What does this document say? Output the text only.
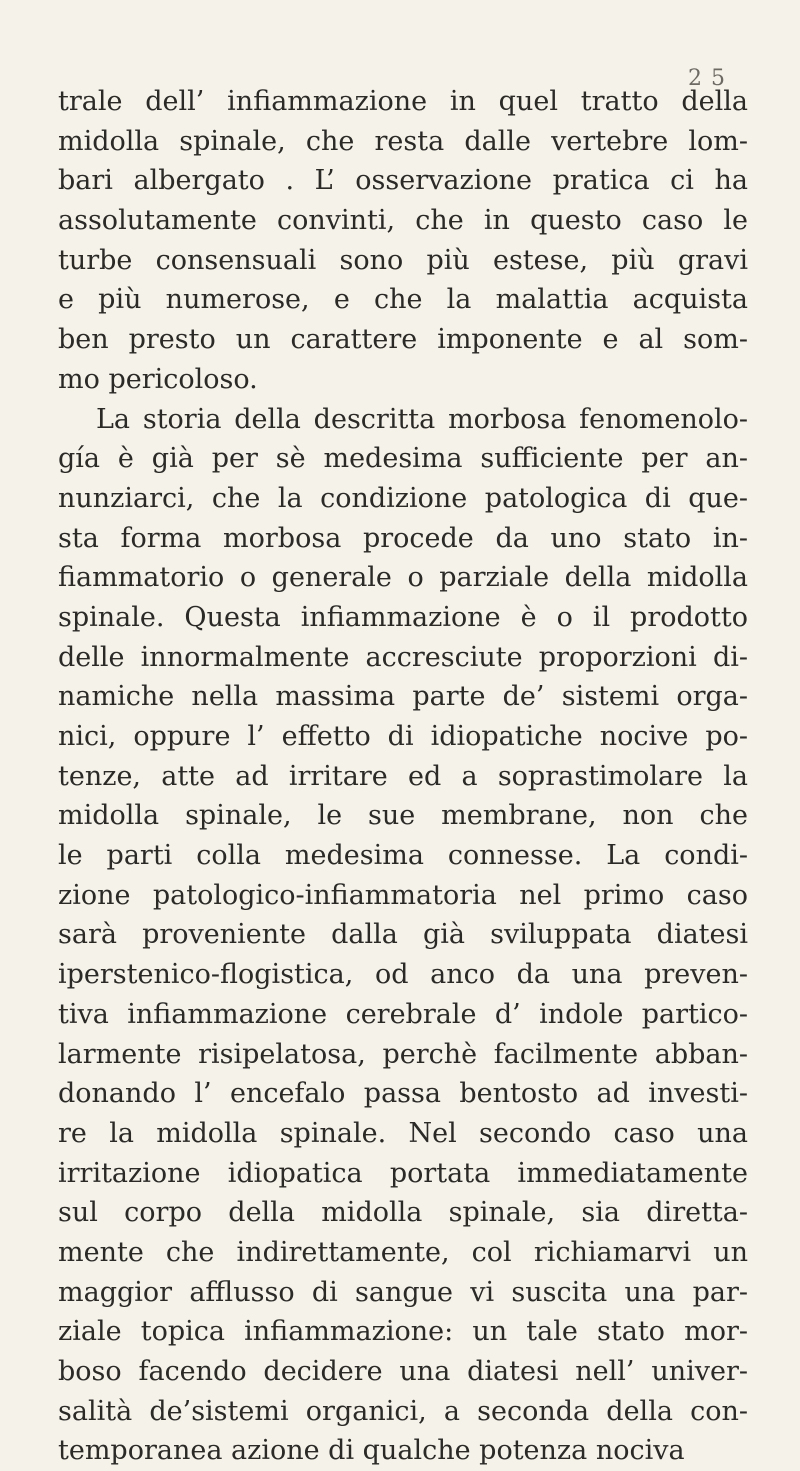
2 5
trale dell’ infiammazione in quel tratto della
midolla spinale, che resta dalle vertebre lom-
bari albergato . L’ osservazione pratica ci ha
assolutamente convinti, che in questo caso le
turbe consensuali sono più estese, più gravi
e più numerose, e che la malattia acquista
ben presto un carattere imponente e al som-
mo pericoloso.
La storia della descritta morbosa fenomenolo-
gía è già per sè medesima sufficiente per an-
nunziarci, che la condizione patologica di que-
sta forma morbosa procede da uno stato in-
fiammatorio o generale o parziale della midolla
spinale. Questa infiammazione è o il prodotto
delle innormalmente accresciute proporzioni di-
namiche nella massima parte de’ sistemi orga-
nici, oppure l’ effetto di idiopatiche nocive po-
tenze, atte ad irritare ed a soprastimolare la
midolla spinale, le sue membrane, non che
le parti colla medesima connesse. La condi-
zione patologico-infiammatoria nel primo caso
sarà proveniente dalla già sviluppata diatesi
iperstenico-flogistica, od anco da una preven-
tiva infiammazione cerebrale d’ indole partico-
larmente risipelatosa, perchè facilmente abban-
donando l’ encefalo passa bentosto ad investi-
re la midolla spinale. Nel secondo caso una
irritazione idiopatica portata immediatamente
sul corpo della midolla spinale, sia diretta-
mente che indirettamente, col richiamarvi un
maggior afflusso di sangue vi suscita una par-
ziale topica infiammazione: un tale stato mor-
boso facendo decidere una diatesi nell’ univer-
salità de’sistemi organici, a seconda della con-
temporanea azione di qualche potenza nociva
